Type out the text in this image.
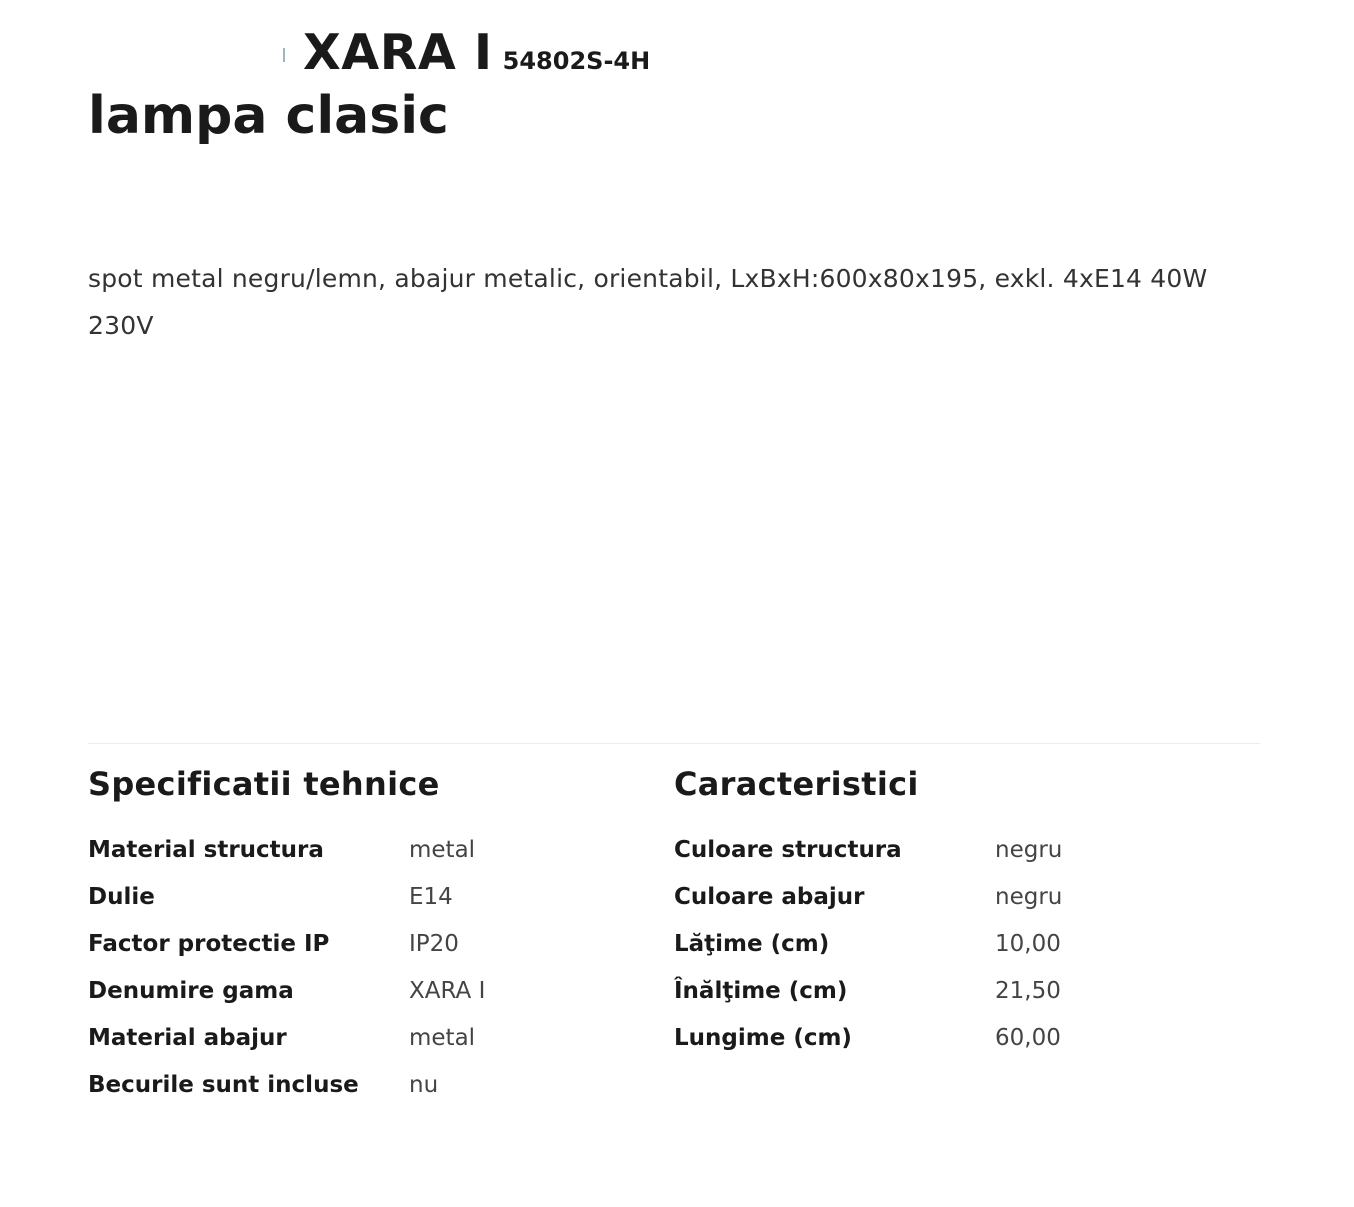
XARA I 54802S-4H
lampa clasic
spot metal negru/lemn, abajur metalic, orientabil, LxBxH:600x80x195, exkl. 4xE14 40W 230V
Specificatii tehnice
Material structura	metal
Dulie	E14
Factor protectie IP	IP20
Denumire gama	XARA I
Material abajur	metal
Becurile sunt incluse	nu
Caracteristici
Culoare structura	negru
Culoare abajur	negru
Lăţime (cm)	10,00
Înălţime (cm)	21,50
Lungime (cm)	60,00
